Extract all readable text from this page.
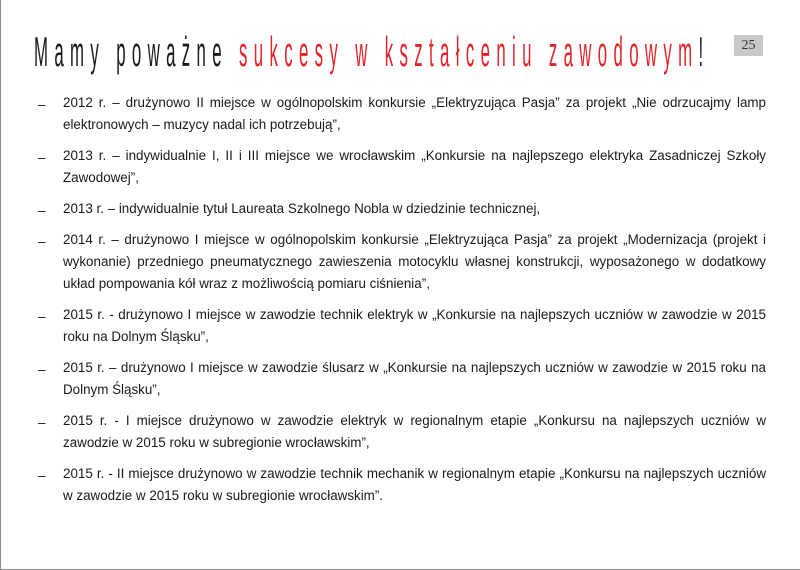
Mamy poważne sukcesy w kształceniu zawodowym!	25
–	2012 r. – drużynowo II miejsce w ogólnopolskim konkursie „Elektryzująca Pasja” za projekt „Nie odrzucajmy lamp elektronowych – muzycy nadal ich potrzebują”,
–	2013 r. – indywidualnie I, II i III miejsce we wrocławskim „Konkursie na najlepszego elektryka Zasadniczej Szkoły Zawodowej”,
–	2013 r. – indywidualnie tytuł Laureata Szkolnego Nobla w dziedzinie technicznej,
–	2014 r. – drużynowo I miejsce w ogólnopolskim konkursie „Elektryzująca Pasja” za projekt „Modernizacja (projekt i wykonanie) przedniego pneumatycznego zawieszenia motocyklu własnej konstrukcji, wyposażonego w dodatkowy układ pompowania kół wraz z możliwością pomiaru ciśnienia”,
–	2015 r. - drużynowo I miejsce w zawodzie technik elektryk w „Konkursie na najlepszych uczniów w zawodzie w 2015 roku na Dolnym Śląsku”,
–	2015 r. – drużynowo I miejsce w zawodzie ślusarz w „Konkursie na najlepszych uczniów w zawodzie w 2015 roku na Dolnym Śląsku”,
–	2015 r. - I miejsce drużynowo w zawodzie elektryk w regionalnym etapie „Konkursu na najlepszych uczniów w zawodzie w 2015 roku w subregionie wrocławskim”,
–	2015 r. - II miejsce drużynowo w zawodzie technik mechanik w regionalnym etapie „Konkursu na najlepszych uczniów w zawodzie w 2015 roku w subregionie wrocławskim”.
